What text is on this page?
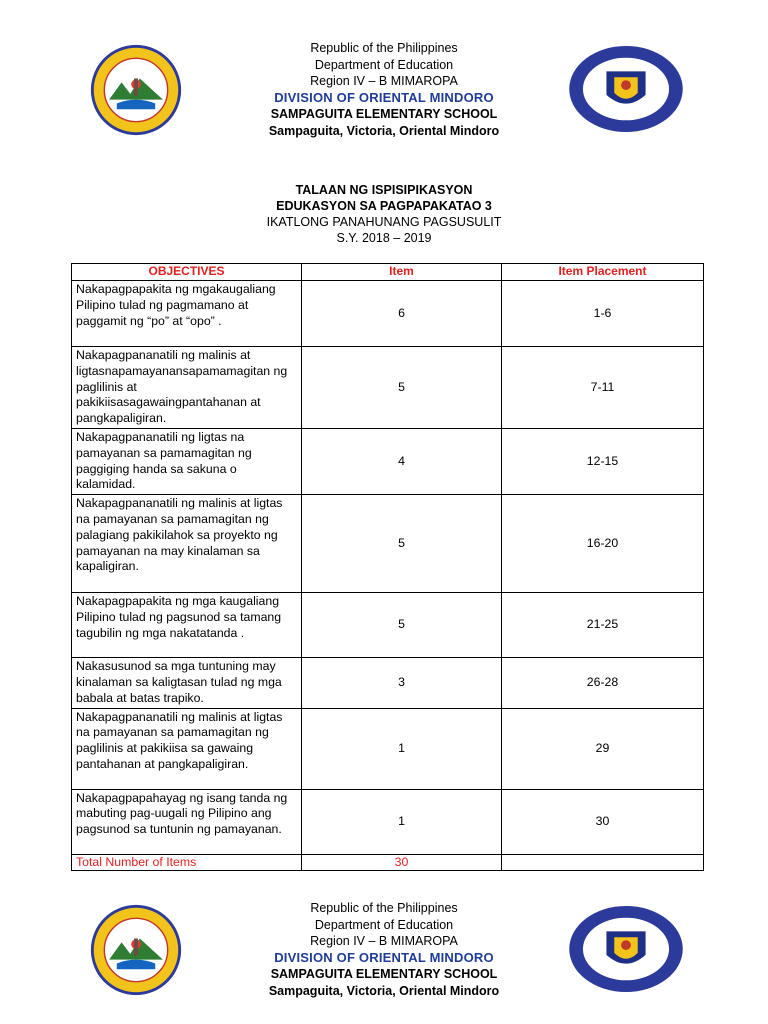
Republic of the Philippines
Department of Education
Region IV – B MIMAROPA
DIVISION OF ORIENTAL MINDORO
SAMPAGUITA ELEMENTARY SCHOOL
Sampaguita, Victoria, Oriental Mindoro
TALAAN NG ISPISIPIKASYON
EDUKASYON SA PAGPAPAKATAO 3
IKATLONG PANAHUNANG PAGSUSULIT
S.Y. 2018 – 2019
OBJECTIVES	Item	Item Placement
Nakapagpapakita ng mgakaugaliang Pilipino tulad ng pagmamano at paggamit ng “po” at “opo” .	6	1-6
Nakapagpananatili ng malinis at ligtasnapamayanansapamamagitan ng paglilinis at pakikiisasagawaingpantahanan at pangkapaligiran.	5	7-11
Nakapagpananatili ng ligtas na pamayanan sa pamamagitan ng paggiging handa sa sakuna o kalamidad.	4	12-15
Nakapagpananatili ng malinis at ligtas na pamayanan sa pamamagitan ng palagiang pakikilahok sa proyekto ng pamayanan na may kinalaman sa kapaligiran.	5	16-20
Nakapagpapakita ng mga kaugaliang Pilipino tulad ng pagsunod sa tamang tagubilin ng mga nakatatanda .	5	21-25
Nakasusunod sa mga tuntuning may kinalaman sa kaligtasan tulad ng mga babala at batas trapiko.	3	26-28
Nakapagpananatili ng malinis at ligtas na pamayanan sa pamamagitan ng paglilinis at pakikiisa sa gawaing pantahanan at pangkapaligiran.	1	29
Nakapagpapahayag ng isang tanda ng mabuting pag-uugali ng Pilipino ang pagsunod sa tuntunin ng pamayanan.	1	30
Total Number of Items	30	
Republic of the Philippines
Department of Education
Region IV – B MIMAROPA
DIVISION OF ORIENTAL MINDORO
SAMPAGUITA ELEMENTARY SCHOOL
Sampaguita, Victoria, Oriental Mindoro
